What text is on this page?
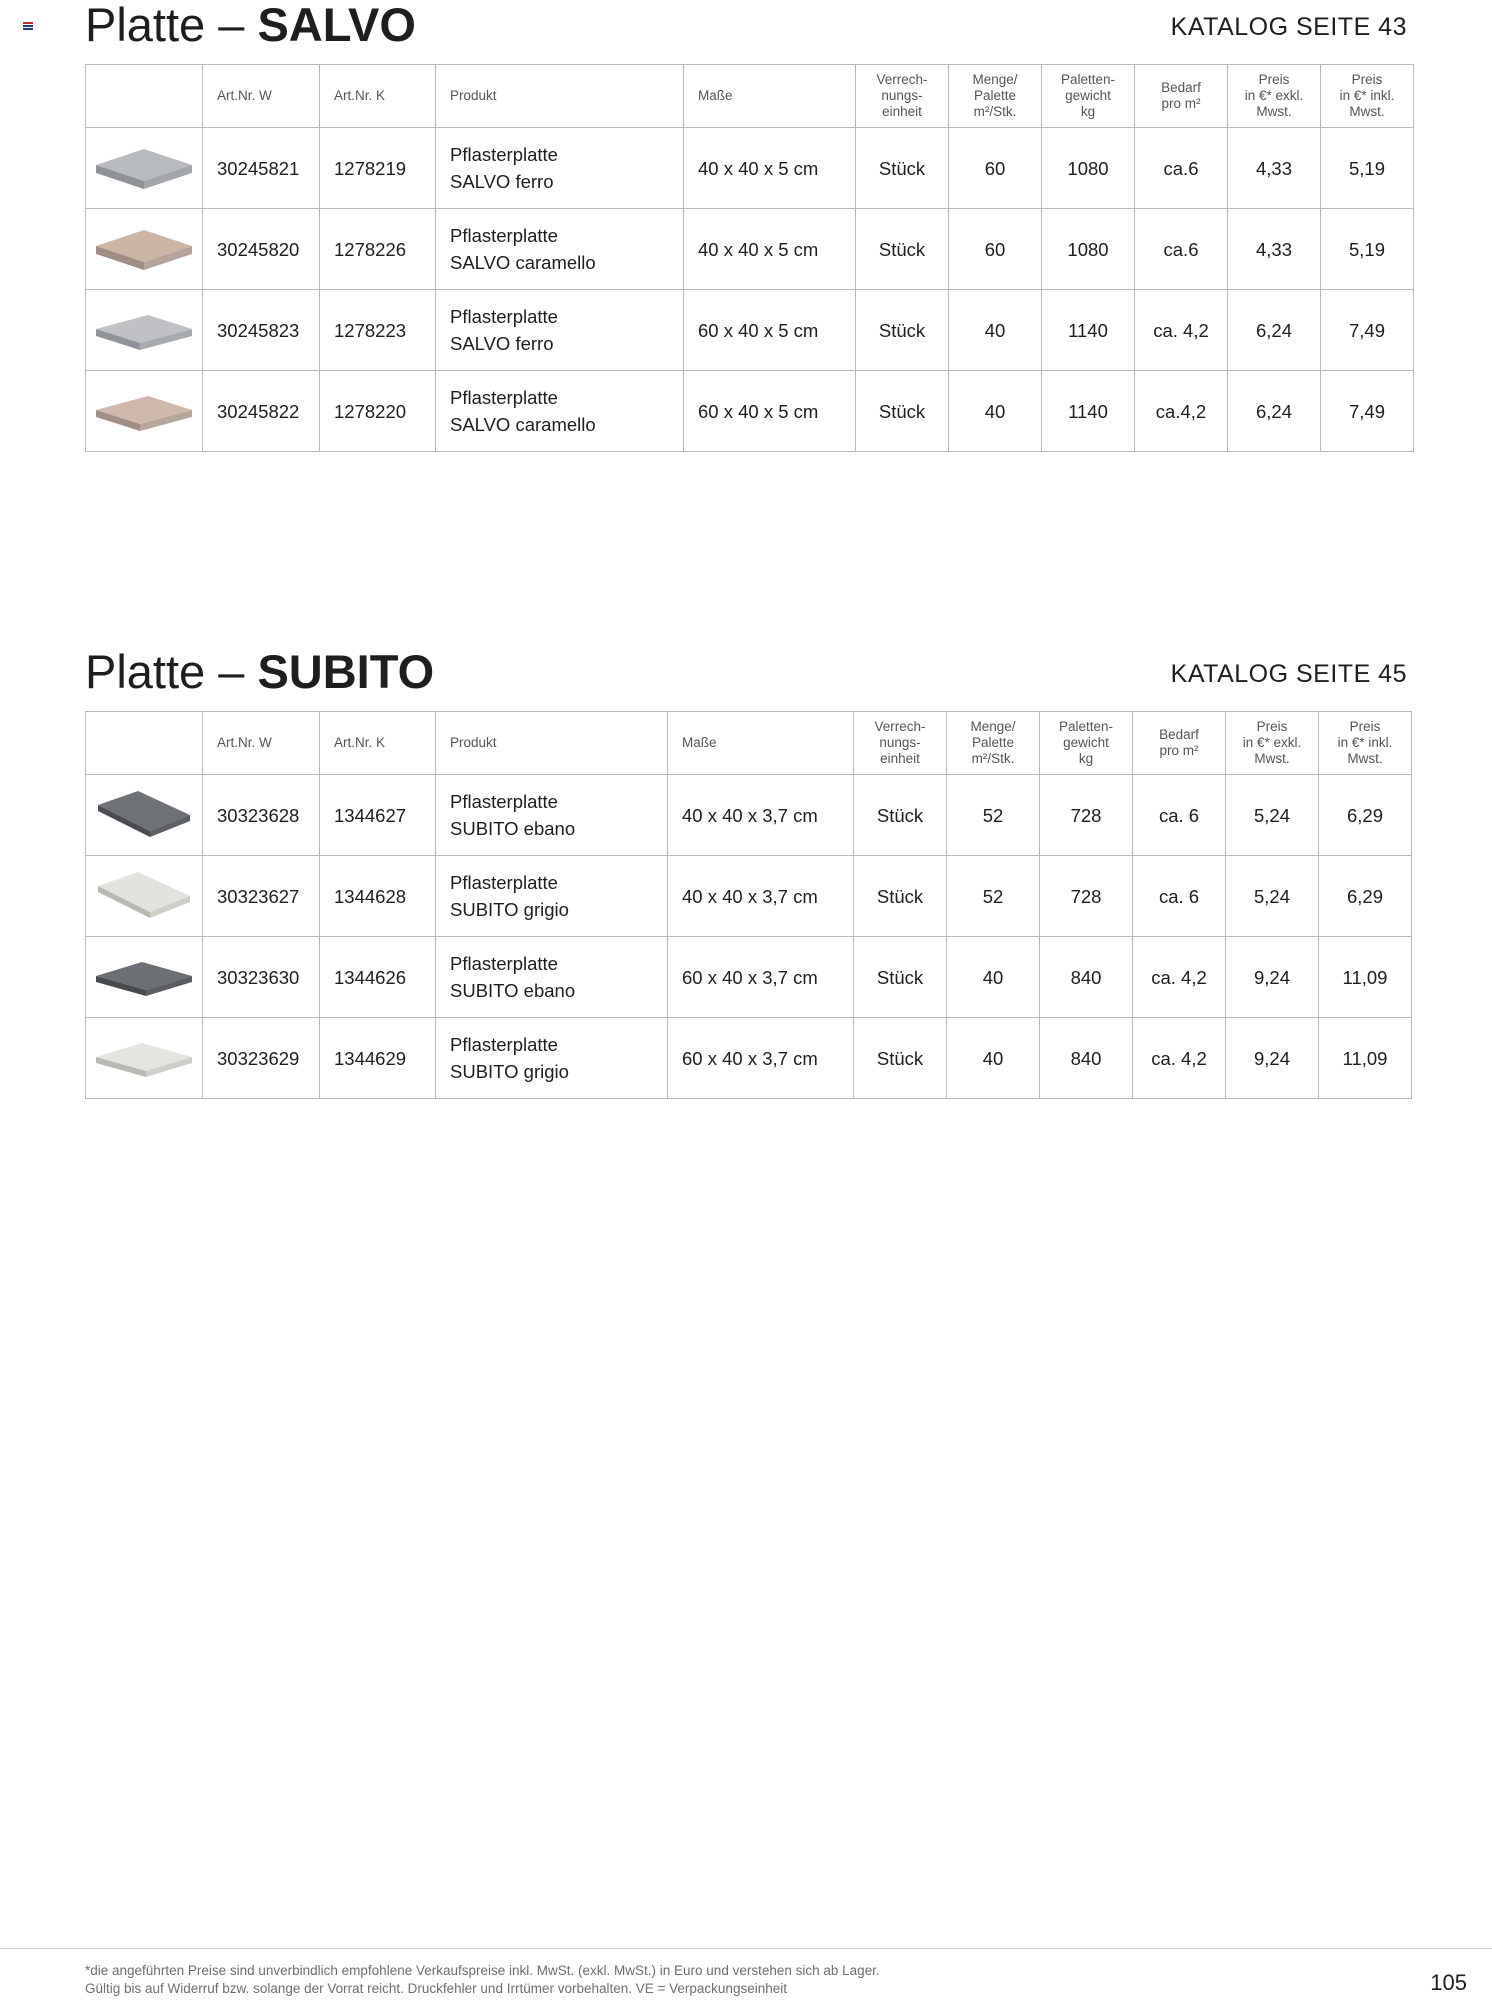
Platte – SALVO	KATALOG SEITE 43
	Art.Nr. W	Art.Nr. K	Produkt	Maße	Verrech-
nungs-
einheit	Menge/
Palette
m²/Stk.	Paletten-
gewicht
kg	Bedarf
pro m²	Preis
in €* exkl.
Mwst.	Preis
in €* inkl.
Mwst.

	30245821	1278219	Pflasterplatte
SALVO ferro	40 x 40 x 5 cm	Stück	60	1080	ca.6	4,33	5,19

	30245820	1278226	Pflasterplatte
SALVO caramello	40 x 40 x 5 cm	Stück	60	1080	ca.6	4,33	5,19

	30245823	1278223	Pflasterplatte
SALVO ferro	60 x 40 x 5 cm	Stück	40	1140	ca. 4,2	6,24	7,49

	30245822	1278220	Pflasterplatte
SALVO caramello	60 x 40 x 5 cm	Stück	40	1140	ca.4,2	6,24	7,49
Platte – SUBITO	KATALOG SEITE 45
	Art.Nr. W	Art.Nr. K	Produkt	Maße	Verrech-
nungs-
einheit	Menge/
Palette
m²/Stk.	Paletten-
gewicht
kg	Bedarf
pro m²	Preis
in €* exkl.
Mwst.	Preis
in €* inkl.
Mwst.

	30323628	1344627	Pflasterplatte
SUBITO ebano	40 x 40 x 3,7 cm	Stück	52	728	ca. 6	5,24	6,29

	30323627	1344628	Pflasterplatte
SUBITO grigio	40 x 40 x 3,7 cm	Stück	52	728	ca. 6	5,24	6,29

	30323630	1344626	Pflasterplatte
SUBITO ebano	60 x 40 x 3,7 cm	Stück	40	840	ca. 4,2	9,24	11,09

	30323629	1344629	Pflasterplatte
SUBITO grigio	60 x 40 x 3,7 cm	Stück	40	840	ca. 4,2	9,24	11,09
*die angeführten Preise sind unverbindlich empfohlene Verkaufspreise inkl. MwSt. (exkl. MwSt.) in Euro und verstehen sich ab Lager.
Gültig bis auf Widerruf bzw. solange der Vorrat reicht. Druckfehler und Irrtümer vorbehalten. VE = Verpackungseinheit	105
